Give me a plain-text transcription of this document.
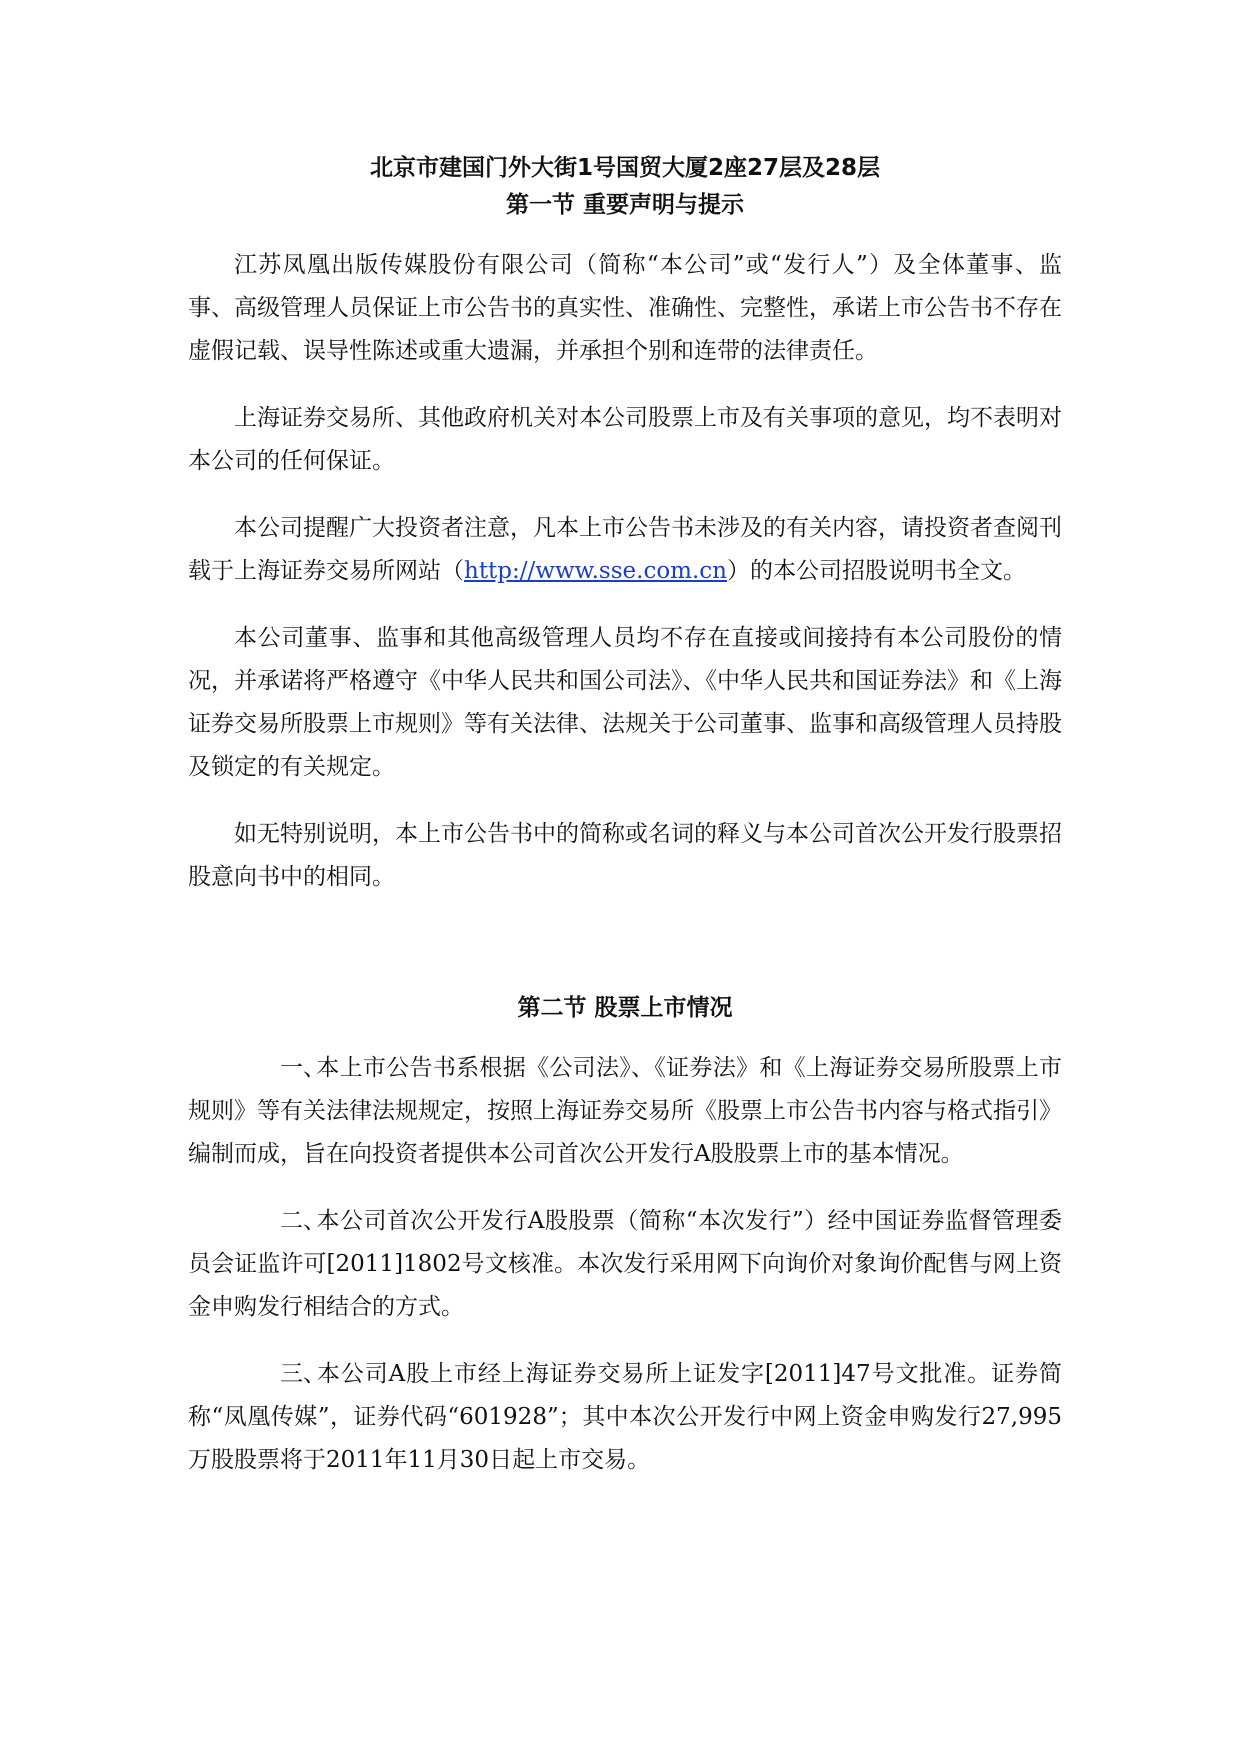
北京市建国门外大街1号国贸大厦2座27层及28层
第一节 重要声明与提示

江苏凤凰出版传媒股份有限公司（简称“本公司”或“发行人”）及全体董事、监事、高级管理人员保证上市公告书的真实性、准确性、完整性，承诺上市公告书不存在虚假记载、误导性陈述或重大遗漏，并承担个别和连带的法律责任。

上海证券交易所、其他政府机关对本公司股票上市及有关事项的意见，均不表明对本公司的任何保证。

本公司提醒广大投资者注意，凡本上市公告书未涉及的有关内容，请投资者查阅刊载于上海证券交易所网站（http://www.sse.com.cn）的本公司招股说明书全文。

本公司董事、监事和其他高级管理人员均不存在直接或间接持有本公司股份的情况，并承诺将严格遵守《中华人民共和国公司法》、《中华人民共和国证券法》和《上海证券交易所股票上市规则》等有关法律、法规关于公司董事、监事和高级管理人员持股及锁定的有关规定。

如无特别说明，本上市公告书中的简称或名词的释义与本公司首次公开发行股票招股意向书中的相同。

第二节 股票上市情况

一、本上市公告书系根据《公司法》、《证券法》和《上海证券交易所股票上市规则》等有关法律法规规定，按照上海证券交易所《股票上市公告书内容与格式指引》编制而成，旨在向投资者提供本公司首次公开发行A股股票上市的基本情况。

二、本公司首次公开发行A股股票（简称“本次发行”）经中国证券监督管理委员会证监许可[2011]1802号文核准。本次发行采用网下向询价对象询价配售与网上资金申购发行相结合的方式。

三、本公司A股上市经上海证券交易所上证发字[2011]47号文批准。证券简称“凤凰传媒”，证券代码“601928”；其中本次公开发行中网上资金申购发行27,995万股股票将于2011年11月30日起上市交易。
